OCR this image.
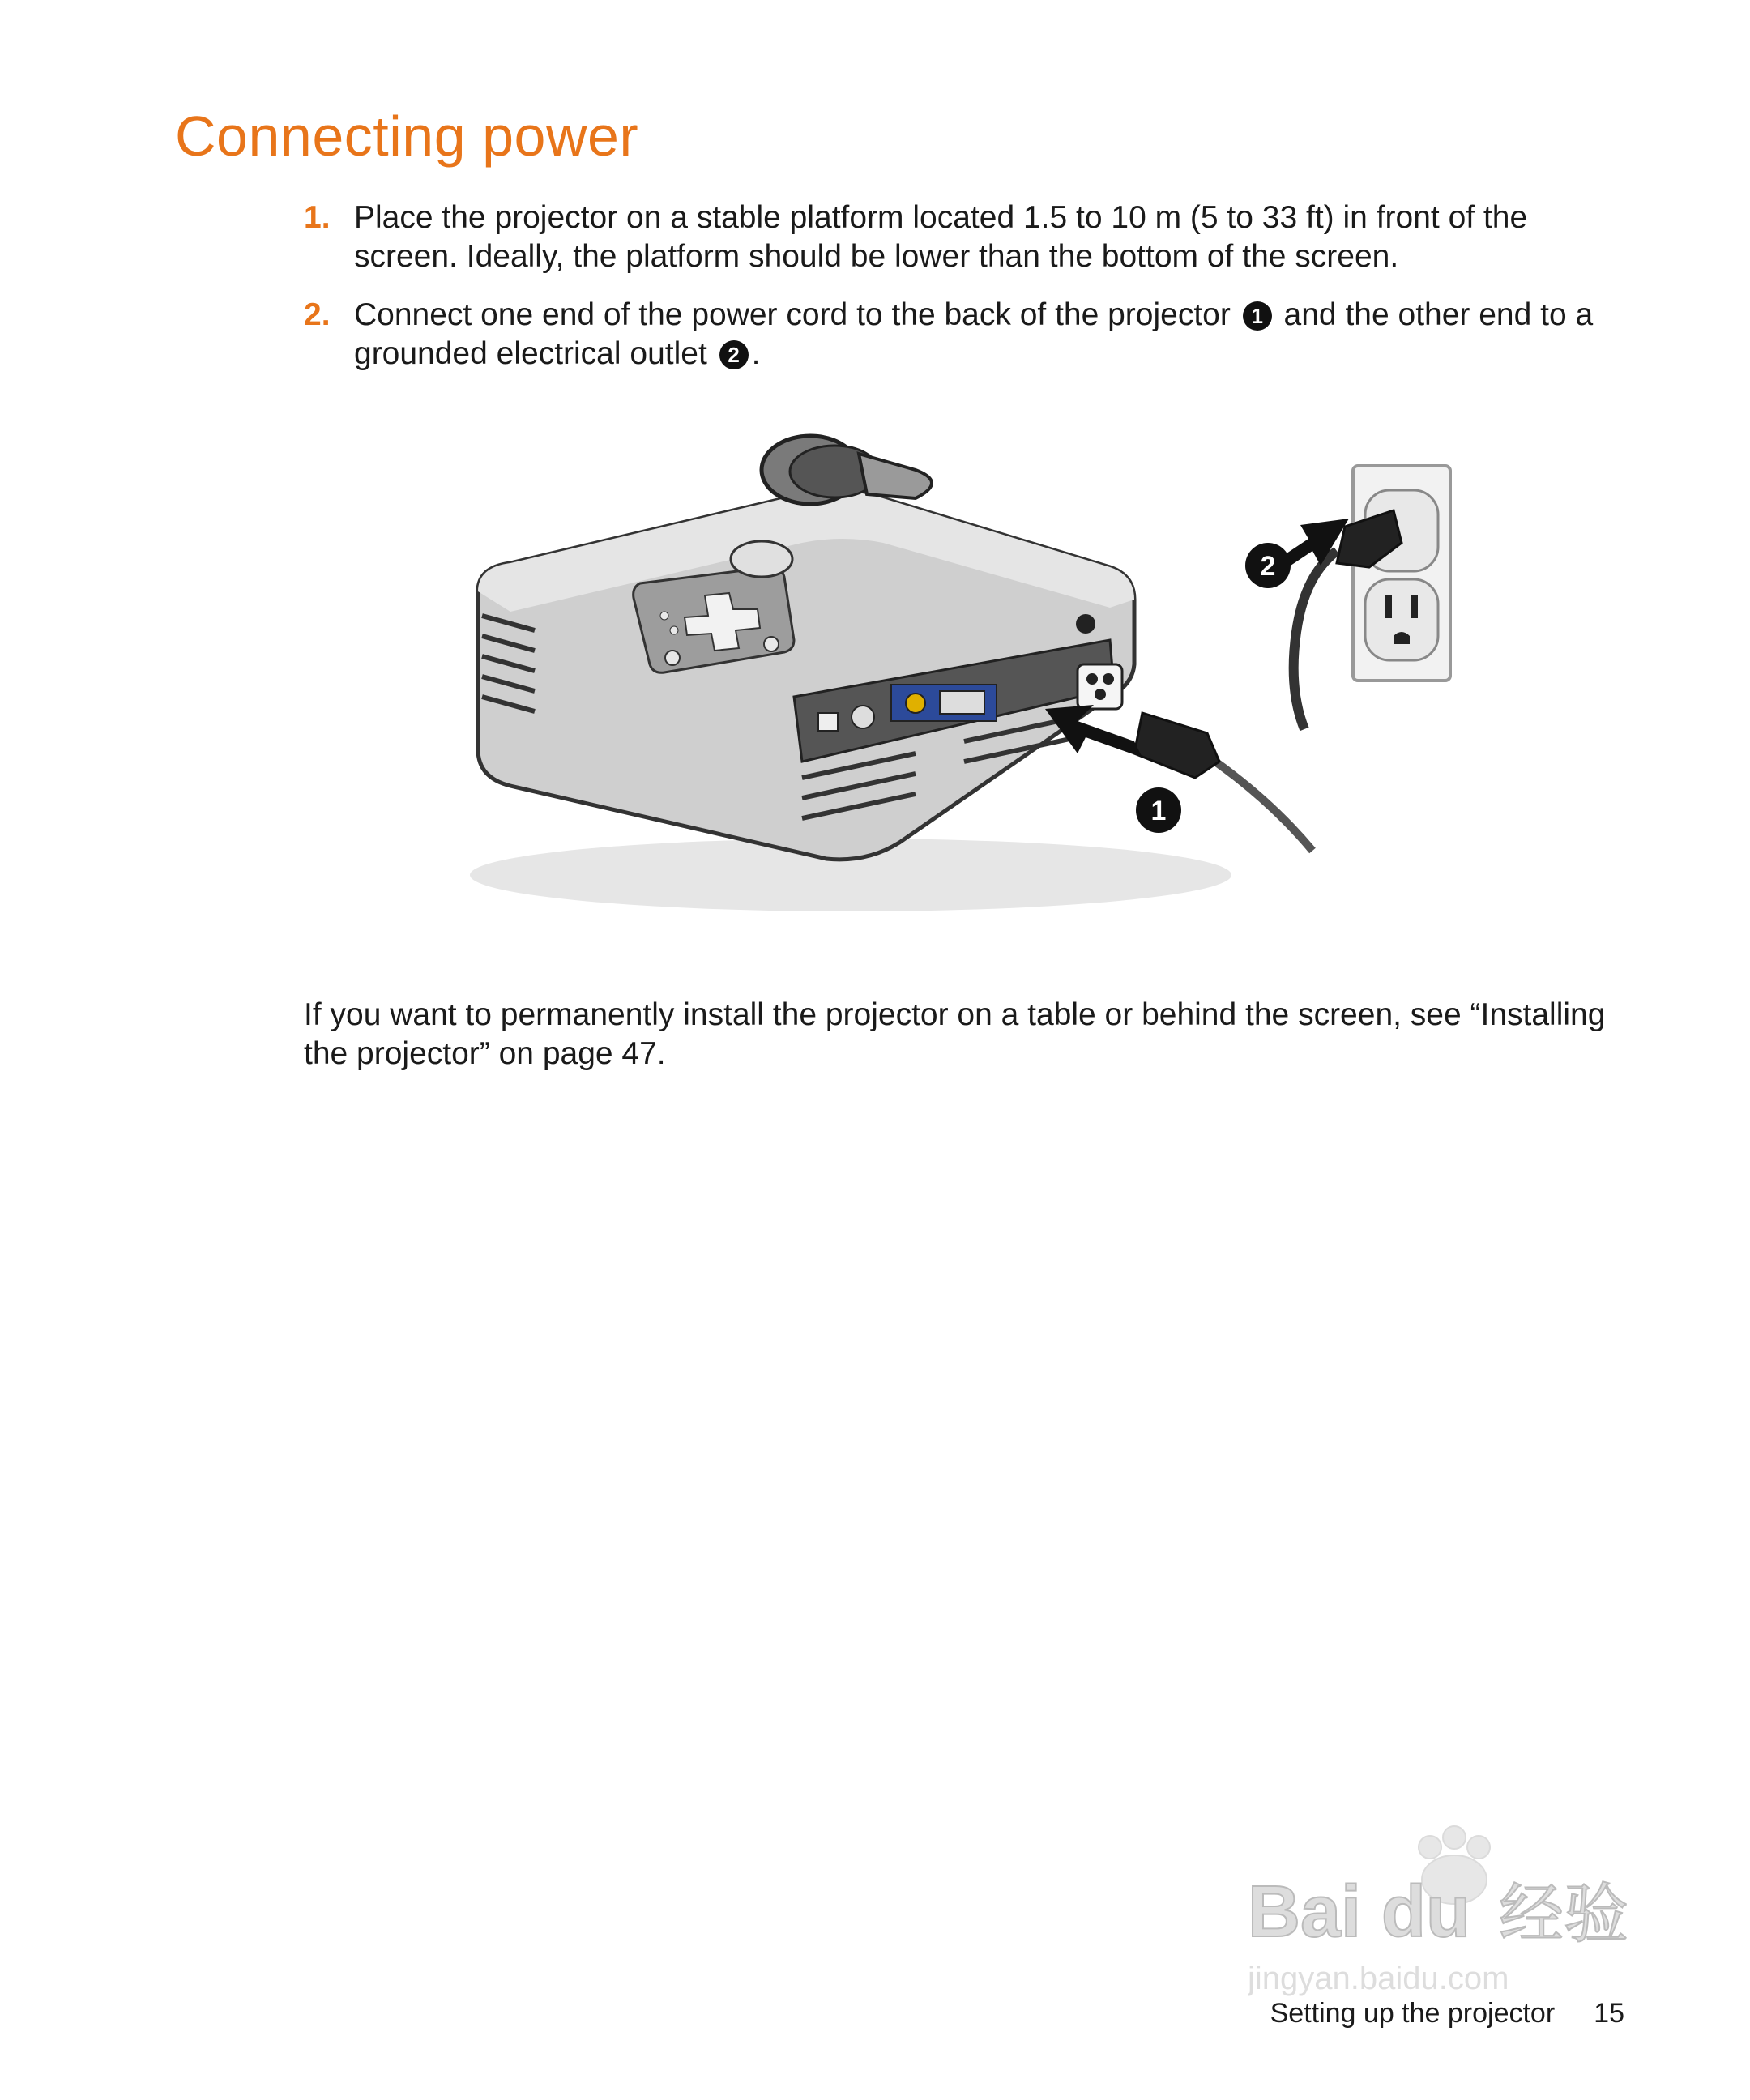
Connecting power
1. Place the projector on a stable platform located 1.5 to 10 m (5 to 33 ft) in front of the screen. Ideally, the platform should be lower than the bottom of the screen.
2. Connect one end of the power cord to the back of the projector 1 and the other end to a grounded electrical outlet 2 .
1
2

If you want to permanently install the projector on a table or behind the screen, see “Installing the projector” on page 47.

Bai du 经验
jingyan.baidu.com
Setting up the projector 15
